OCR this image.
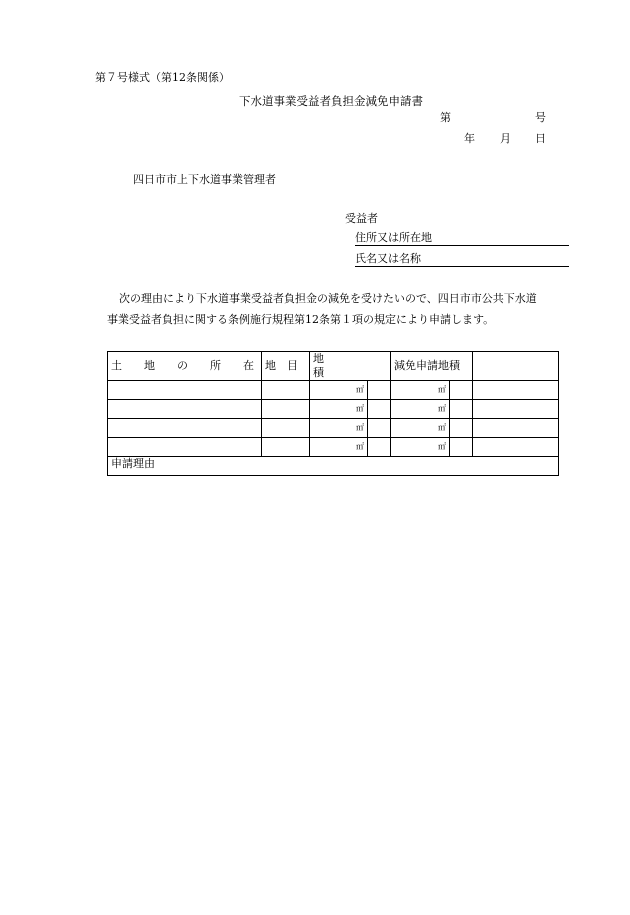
第７号様式（第12条関係）
下水道事業受益者負担金減免申請書
第	号
年 月 日
四日市市上下水道事業管理者
受益者
住所又は所在地
氏名又は名称
次の理由により下水道事業受益者負担金の減免を受けたいので、四日市市公共下水道
事業受益者負担に関する条例施行規程第12条第１項の規定により申請します。
土　　地　　の　　所　　在	地　目	地　　　　　積		減免申請地積		
		㎡		㎡		
		㎡		㎡		
		㎡		㎡		
		㎡		㎡		
申請理由						
